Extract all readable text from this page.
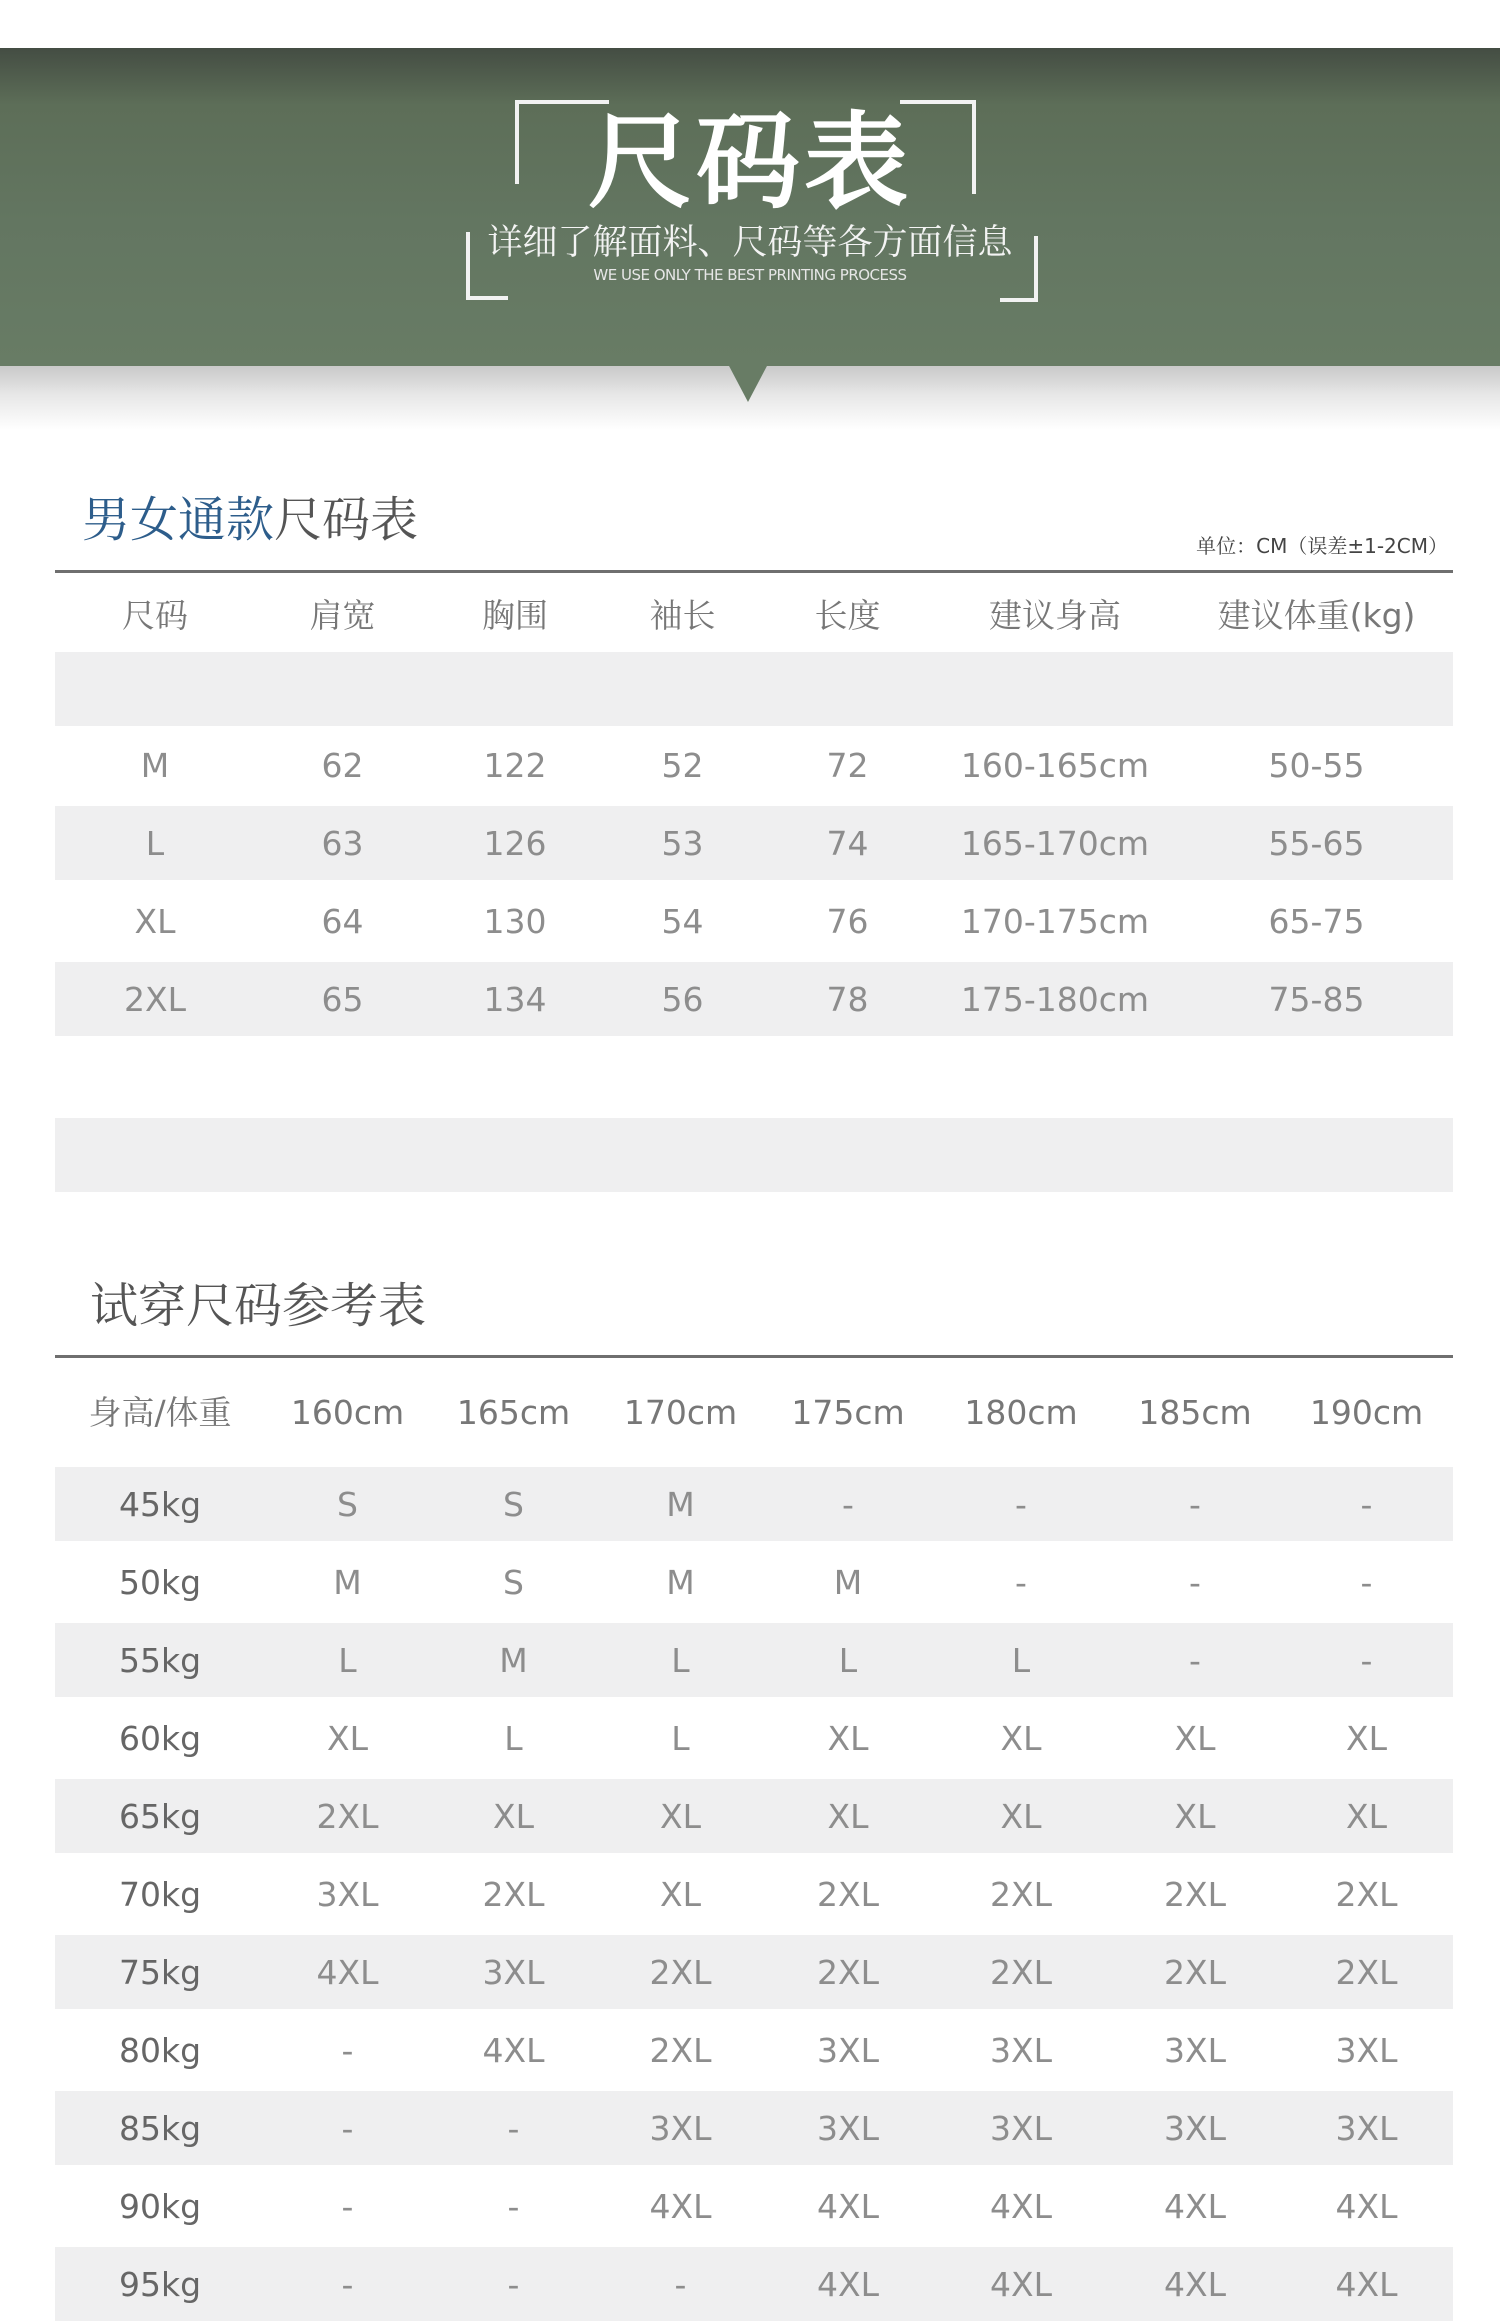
尺码表
详细了解面料、尺码等各方面信息
WE USE ONLY THE BEST PRINTING PROCESS
男女通款尺码表	单位：CM（误差±1-2CM）
尺码	肩宽	胸围	袖长	长度	建议身高	建议体重(kg)
M	62	122	52	72	160-165cm	50-55
L	63	126	53	74	165-170cm	55-65
XL	64	130	54	76	170-175cm	65-75
2XL	65	134	56	78	175-180cm	75-85
试穿尺码参考表
身高/体重	160cm	165cm	170cm	175cm	180cm	185cm	190cm
45kg	S	S	M	-	-	-	-
50kg	M	S	M	M	-	-	-
55kg	L	M	L	L	L	-	-
60kg	XL	L	L	XL	XL	XL	XL
65kg	2XL	XL	XL	XL	XL	XL	XL
70kg	3XL	2XL	XL	2XL	2XL	2XL	2XL
75kg	4XL	3XL	2XL	2XL	2XL	2XL	2XL
80kg	-	4XL	2XL	3XL	3XL	3XL	3XL
85kg	-	-	3XL	3XL	3XL	3XL	3XL
90kg	-	-	4XL	4XL	4XL	4XL	4XL
95kg	-	-	-	4XL	4XL	4XL	4XL
